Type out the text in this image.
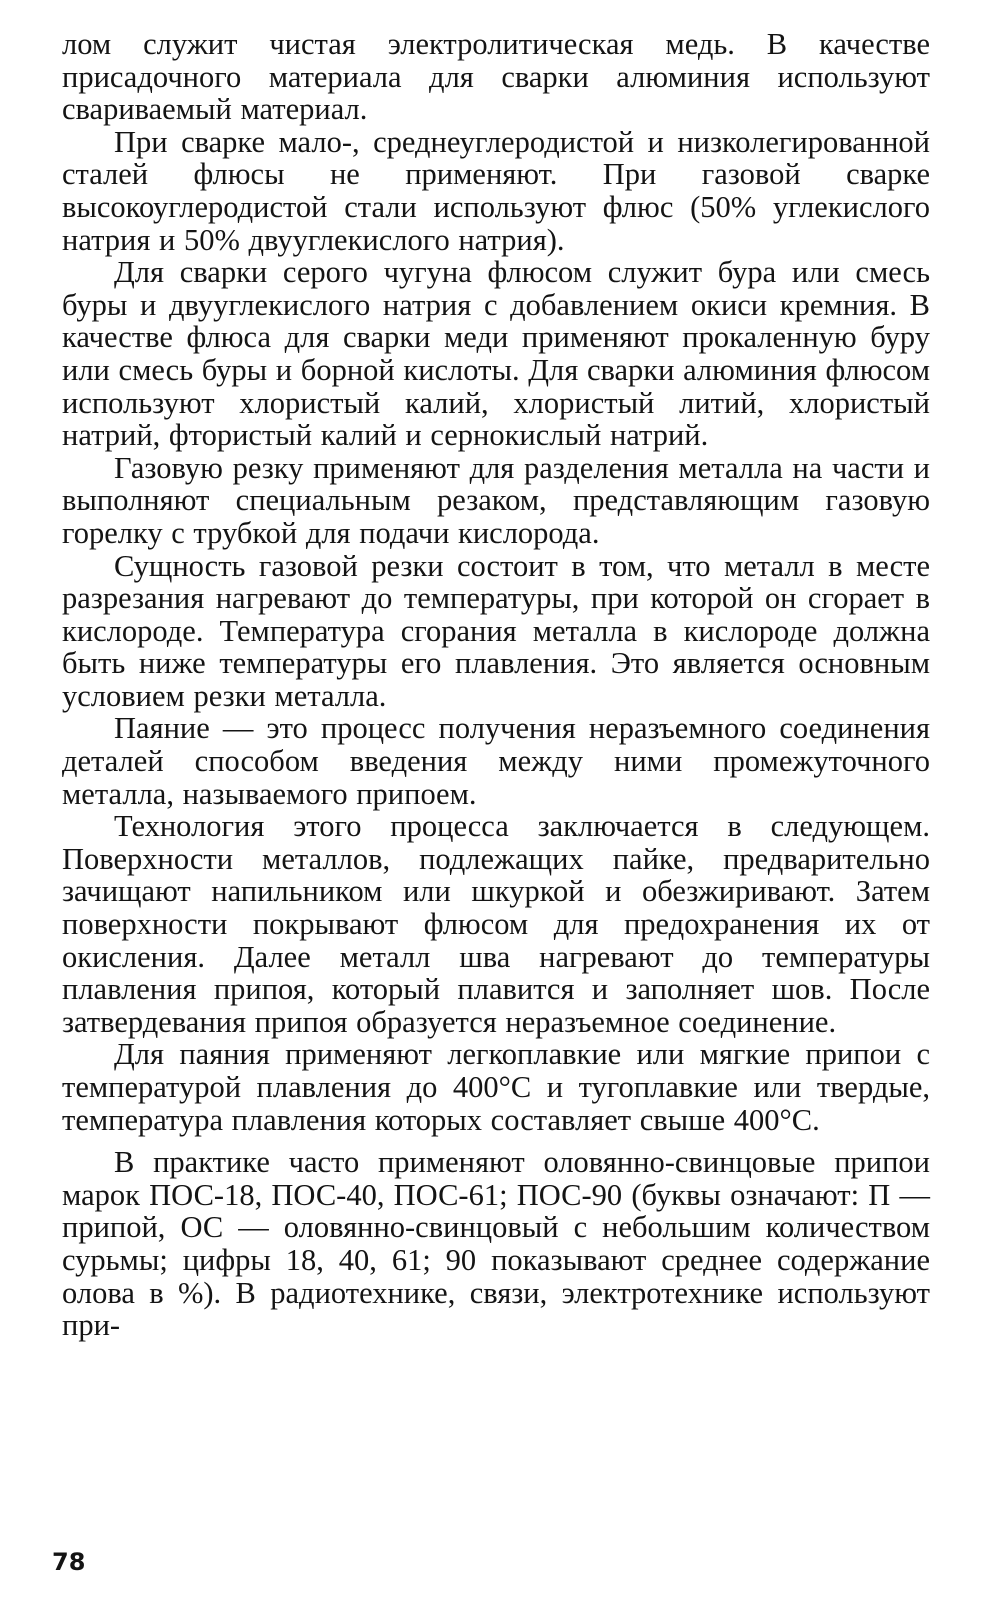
лом служит чистая электролитическая медь. В качестве присадочного материала для сварки алюминия используют свариваемый материал.

При сварке мало-, среднеуглеродистой и низколегированной сталей флюсы не применяют. При газовой сварке высокоуглеродистой стали используют флюс (50% углекислого натрия и 50% двууглекислого натрия).

Для сварки серого чугуна флюсом служит бура или смесь буры и двууглекислого натрия с добавлением окиси кремния. В качестве флюса для сварки меди применяют прокаленную буру или смесь буры и борной кислоты. Для сварки алюминия флюсом используют хлористый калий, хлористый литий, хлористый натрий, фтористый калий и сернокислый натрий.

Газовую резку применяют для разделения металла на части и выполняют специальным резаком, представляющим газовую горелку с трубкой для подачи кислорода.

Сущность газовой резки состоит в том, что металл в месте разрезания нагревают до температуры, при которой он сгорает в кислороде. Температура сгорания металла в кислороде должна быть ниже температуры его плавления. Это является основным условием резки металла.

Паяние — это процесс получения неразъемного соединения деталей способом введения между ними промежуточного металла, называемого припоем.

Технология этого процесса заключается в следующем. Поверхности металлов, подлежащих пайке, предварительно зачищают напильником или шкуркой и обезжиривают. Затем поверхности покрывают флюсом для предохранения их от окисления. Далее металл шва нагревают до температуры плавления припоя, который плавится и заполняет шов. После затвердевания припоя образуется неразъемное соединение.

Для паяния применяют легкоплавкие или мягкие припои с температурой плавления до 400°С и тугоплавкие или твердые, температура плавления которых составляет свыше 400°С.

В практике часто применяют оловянно-свинцовые припои марок ПОС-18, ПОС-40, ПОС-61; ПОС-90 (буквы означают: П — припой, ОС — оловянно-свинцовый с небольшим количеством сурьмы; цифры 18, 40, 61; 90 показывают среднее содержание олова в %). В радиотехнике, связи, электротехнике используют при-

78
